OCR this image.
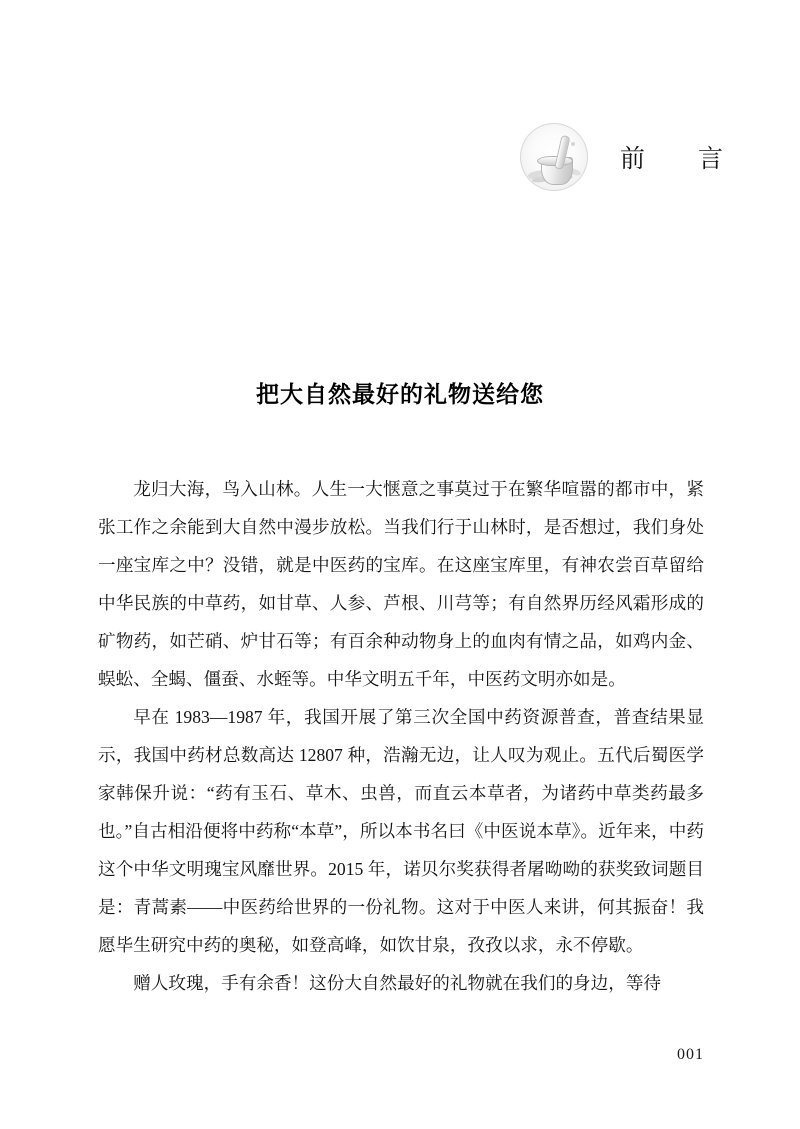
前　言
把大自然最好的礼物送给您

龙归大海，鸟入山林。人生一大惬意之事莫过于在繁华喧嚣的都市中，紧张工作之余能到大自然中漫步放松。当我们行于山林时，是否想过，我们身处一座宝库之中？没错，就是中医药的宝库。在这座宝库里，有神农尝百草留给中华民族的中草药，如甘草、人参、芦根、川芎等；有自然界历经风霜形成的矿物药，如芒硝、炉甘石等；有百余种动物身上的血肉有情之品，如鸡内金、蜈蚣、全蝎、僵蚕、水蛭等。中华文明五千年，中医药文明亦如是。

早在 1983—1987 年，我国开展了第三次全国中药资源普查，普查结果显示，我国中药材总数高达 12807 种，浩瀚无边，让人叹为观止。五代后蜀医学家韩保升说：“药有玉石、草木、虫兽，而直云本草者，为诸药中草类药最多也。”自古相沿便将中药称“本草”，所以本书名曰《中医说本草》。近年来，中药这个中华文明瑰宝风靡世界。2015 年，诺贝尔奖获得者屠呦呦的获奖致词题目是：青蒿素——中医药给世界的一份礼物。这对于中医人来讲，何其振奋！我愿毕生研究中药的奥秘，如登高峰，如饮甘泉，孜孜以求，永不停歇。

赠人玫瑰，手有余香！这份大自然最好的礼物就在我们的身边，等待

001
